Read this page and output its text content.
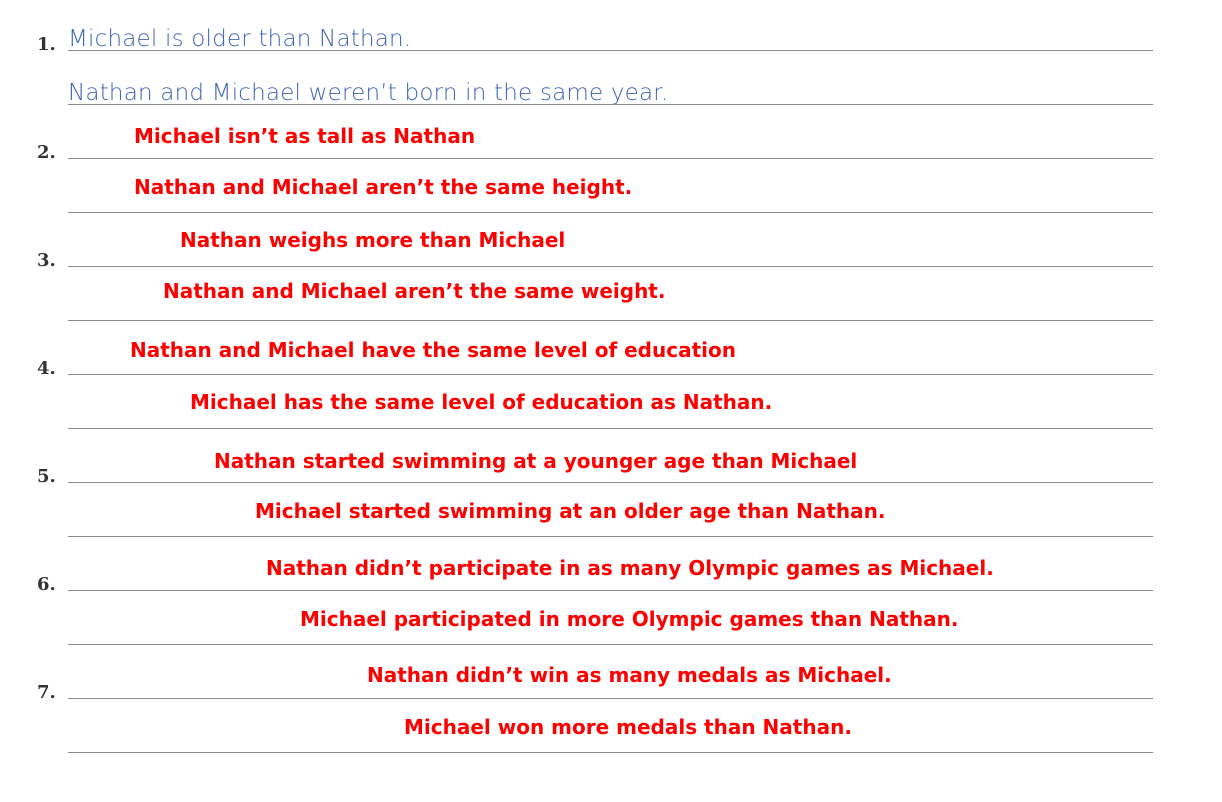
1. Michael is older than Nathan.
Nathan and Michael weren’t born in the same year.
2.
Michael isn’t as tall as Nathan
Nathan and Michael aren’t the same height.
3.
Nathan weighs more than Michael
Nathan and Michael aren’t the same weight.
4.
Nathan and Michael have the same level of education
Michael has the same level of education as Nathan.
5.
Nathan started swimming at a younger age than Michael
Michael started swimming at an older age than Nathan.
6.
Nathan didn’t participate in as many Olympic games as Michael.
Michael participated in more Olympic games than Nathan.
7.
Nathan didn’t win as many medals as Michael.
Michael won more medals than Nathan.
